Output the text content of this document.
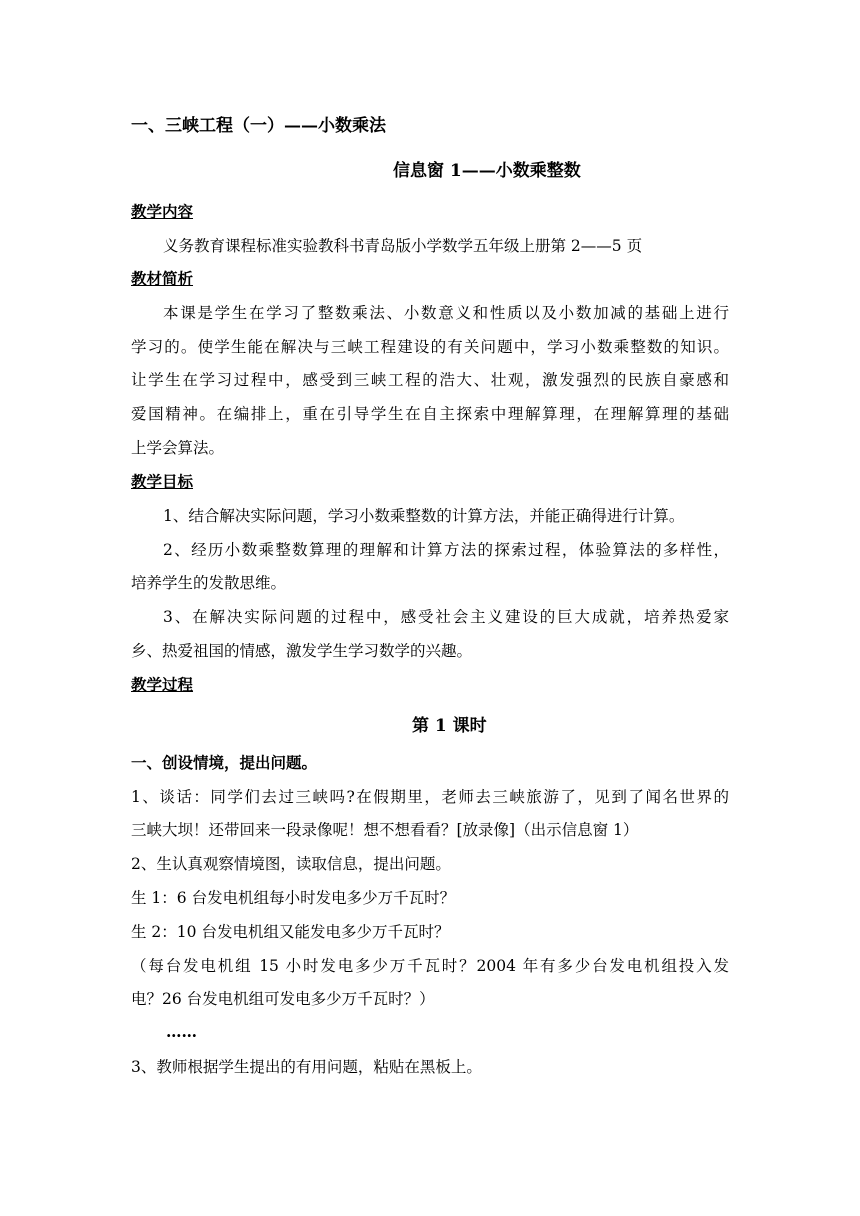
一、三峡工程（一）——小数乘法
信息窗 1——小数乘整数
教学内容
义务教育课程标准实验教科书青岛版小学数学五年级上册第 2——5 页
教材简析
本课是学生在学习了整数乘法、小数意义和性质以及小数加减的基础上进行
学习的。使学生能在解决与三峡工程建设的有关问题中，学习小数乘整数的知识。
让学生在学习过程中，感受到三峡工程的浩大、壮观，激发强烈的民族自豪感和
爱国精神。在编排上，重在引导学生在自主探索中理解算理，在理解算理的基础
上学会算法。
教学目标
1、结合解决实际问题，学习小数乘整数的计算方法，并能正确得进行计算。
2、经历小数乘整数算理的理解和计算方法的探索过程，体验算法的多样性，
培养学生的发散思维。
3、在解决实际问题的过程中，感受社会主义建设的巨大成就，培养热爱家
乡、热爱祖国的情感，激发学生学习数学的兴趣。
教学过程
第 1 课时
一、创设情境，提出问题。
1、谈话：同学们去过三峡吗?在假期里，老师去三峡旅游了，见到了闻名世界的
三峡大坝！还带回来一段录像呢！想不想看看？[放录像]（出示信息窗 1）
2、生认真观察情境图，读取信息，提出问题。
生 1：6 台发电机组每小时发电多少万千瓦时？
生 2：10 台发电机组又能发电多少万千瓦时？
（每台发电机组 15 小时发电多少万千瓦时？2004 年有多少台发电机组投入发
电？26 台发电机组可发电多少万千瓦时？）
……
3、教师根据学生提出的有用问题，粘贴在黑板上。
